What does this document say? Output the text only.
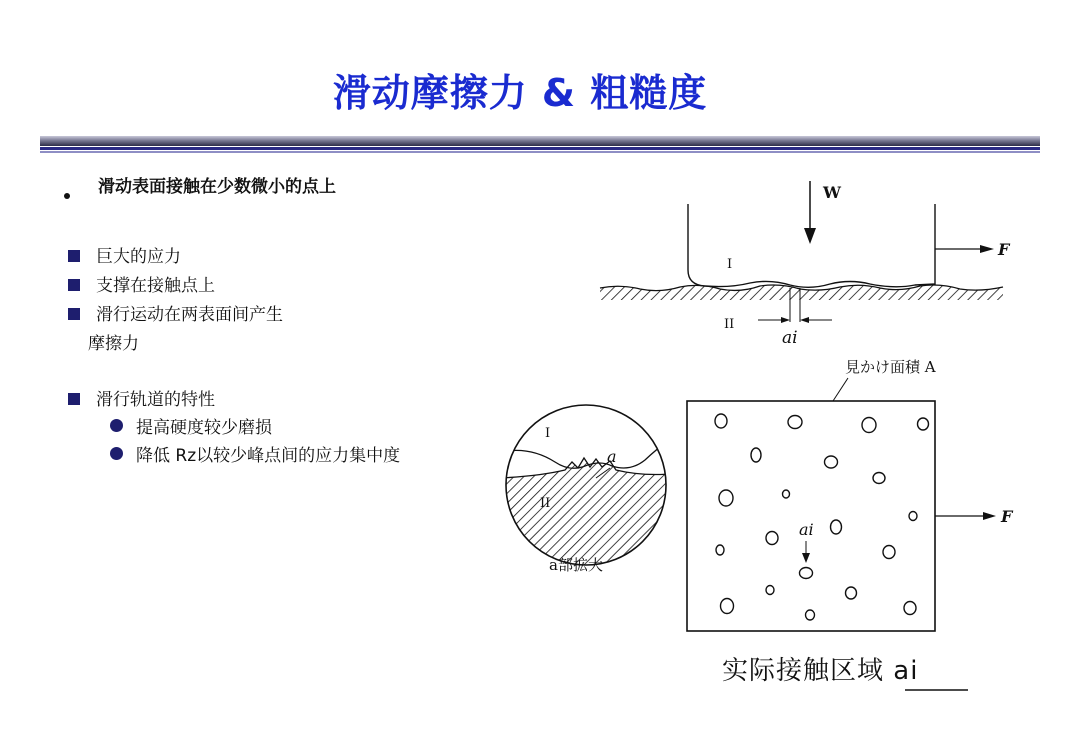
滑动摩擦力 & 粗糙度
滑动表面接触在少数微小的点上
巨大的应力
支撑在接触点上
滑行运动在两表面间产生
摩擦力
滑行轨道的特性
提高硬度较少磨损
降低 Rz以较少峰点间的应力集中度
W
F
I
II
ai
I
a
II
a部拡大
見かけ面積 A
ai
F
实际接触区域 ai
